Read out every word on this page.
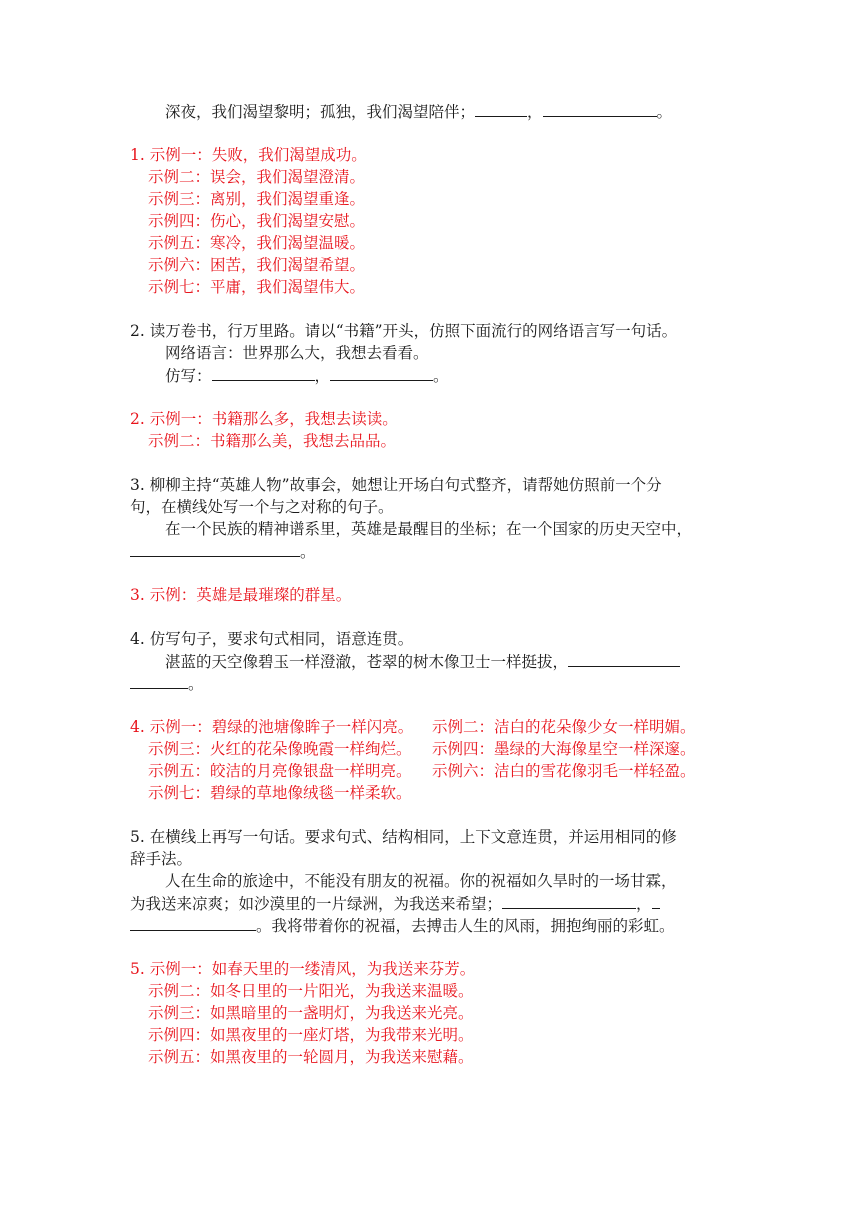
深夜，我们渴望黎明；孤独，我们渴望陪伴；	，	。
1. 示例一：失败，我们渴望成功。
示例二：误会，我们渴望澄清。
示例三：离别，我们渴望重逢。
示例四：伤心，我们渴望安慰。
示例五：寒冷，我们渴望温暖。
示例六：困苦，我们渴望希望。
示例七：平庸，我们渴望伟大。
2. 读万卷书，行万里路。请以“书籍”开头，仿照下面流行的网络语言写一句话。
网络语言：世界那么大，我想去看看。
仿写：	，	。
2. 示例一：书籍那么多，我想去读读。
示例二：书籍那么美，我想去品品。
3. 柳柳主持“英雄人物”故事会，她想让开场白句式整齐，请帮她仿照前一个分
句，在横线处写一个与之对称的句子。
在一个民族的精神谱系里，英雄是最醒目的坐标；在一个国家的历史天空中，
。
3. 示例：英雄是最璀璨的群星。
4. 仿写句子，要求句式相同，语意连贯。
湛蓝的天空像碧玉一样澄澈，苍翠的树木像卫士一样挺拔，
。
4. 示例一：碧绿的池塘像眸子一样闪亮。 示例二：洁白的花朵像少女一样明媚。
示例三：火红的花朵像晚霞一样绚烂。 示例四：墨绿的大海像星空一样深邃。
示例五：皎洁的月亮像银盘一样明亮。 示例六：洁白的雪花像羽毛一样轻盈。
示例七：碧绿的草地像绒毯一样柔软。
5. 在横线上再写一句话。要求句式、结构相同，上下文意连贯，并运用相同的修
辞手法。
人在生命的旅途中，不能没有朋友的祝福。你的祝福如久旱时的一场甘霖，
为我送来凉爽；如沙漠里的一片绿洲，为我送来希望；	，
。我将带着你的祝福，去搏击人生的风雨，拥抱绚丽的彩虹。
5. 示例一：如春天里的一缕清风，为我送来芬芳。
示例二：如冬日里的一片阳光，为我送来温暖。
示例三：如黑暗里的一盏明灯，为我送来光亮。
示例四：如黑夜里的一座灯塔，为我带来光明。
示例五：如黑夜里的一轮圆月，为我送来慰藉。
